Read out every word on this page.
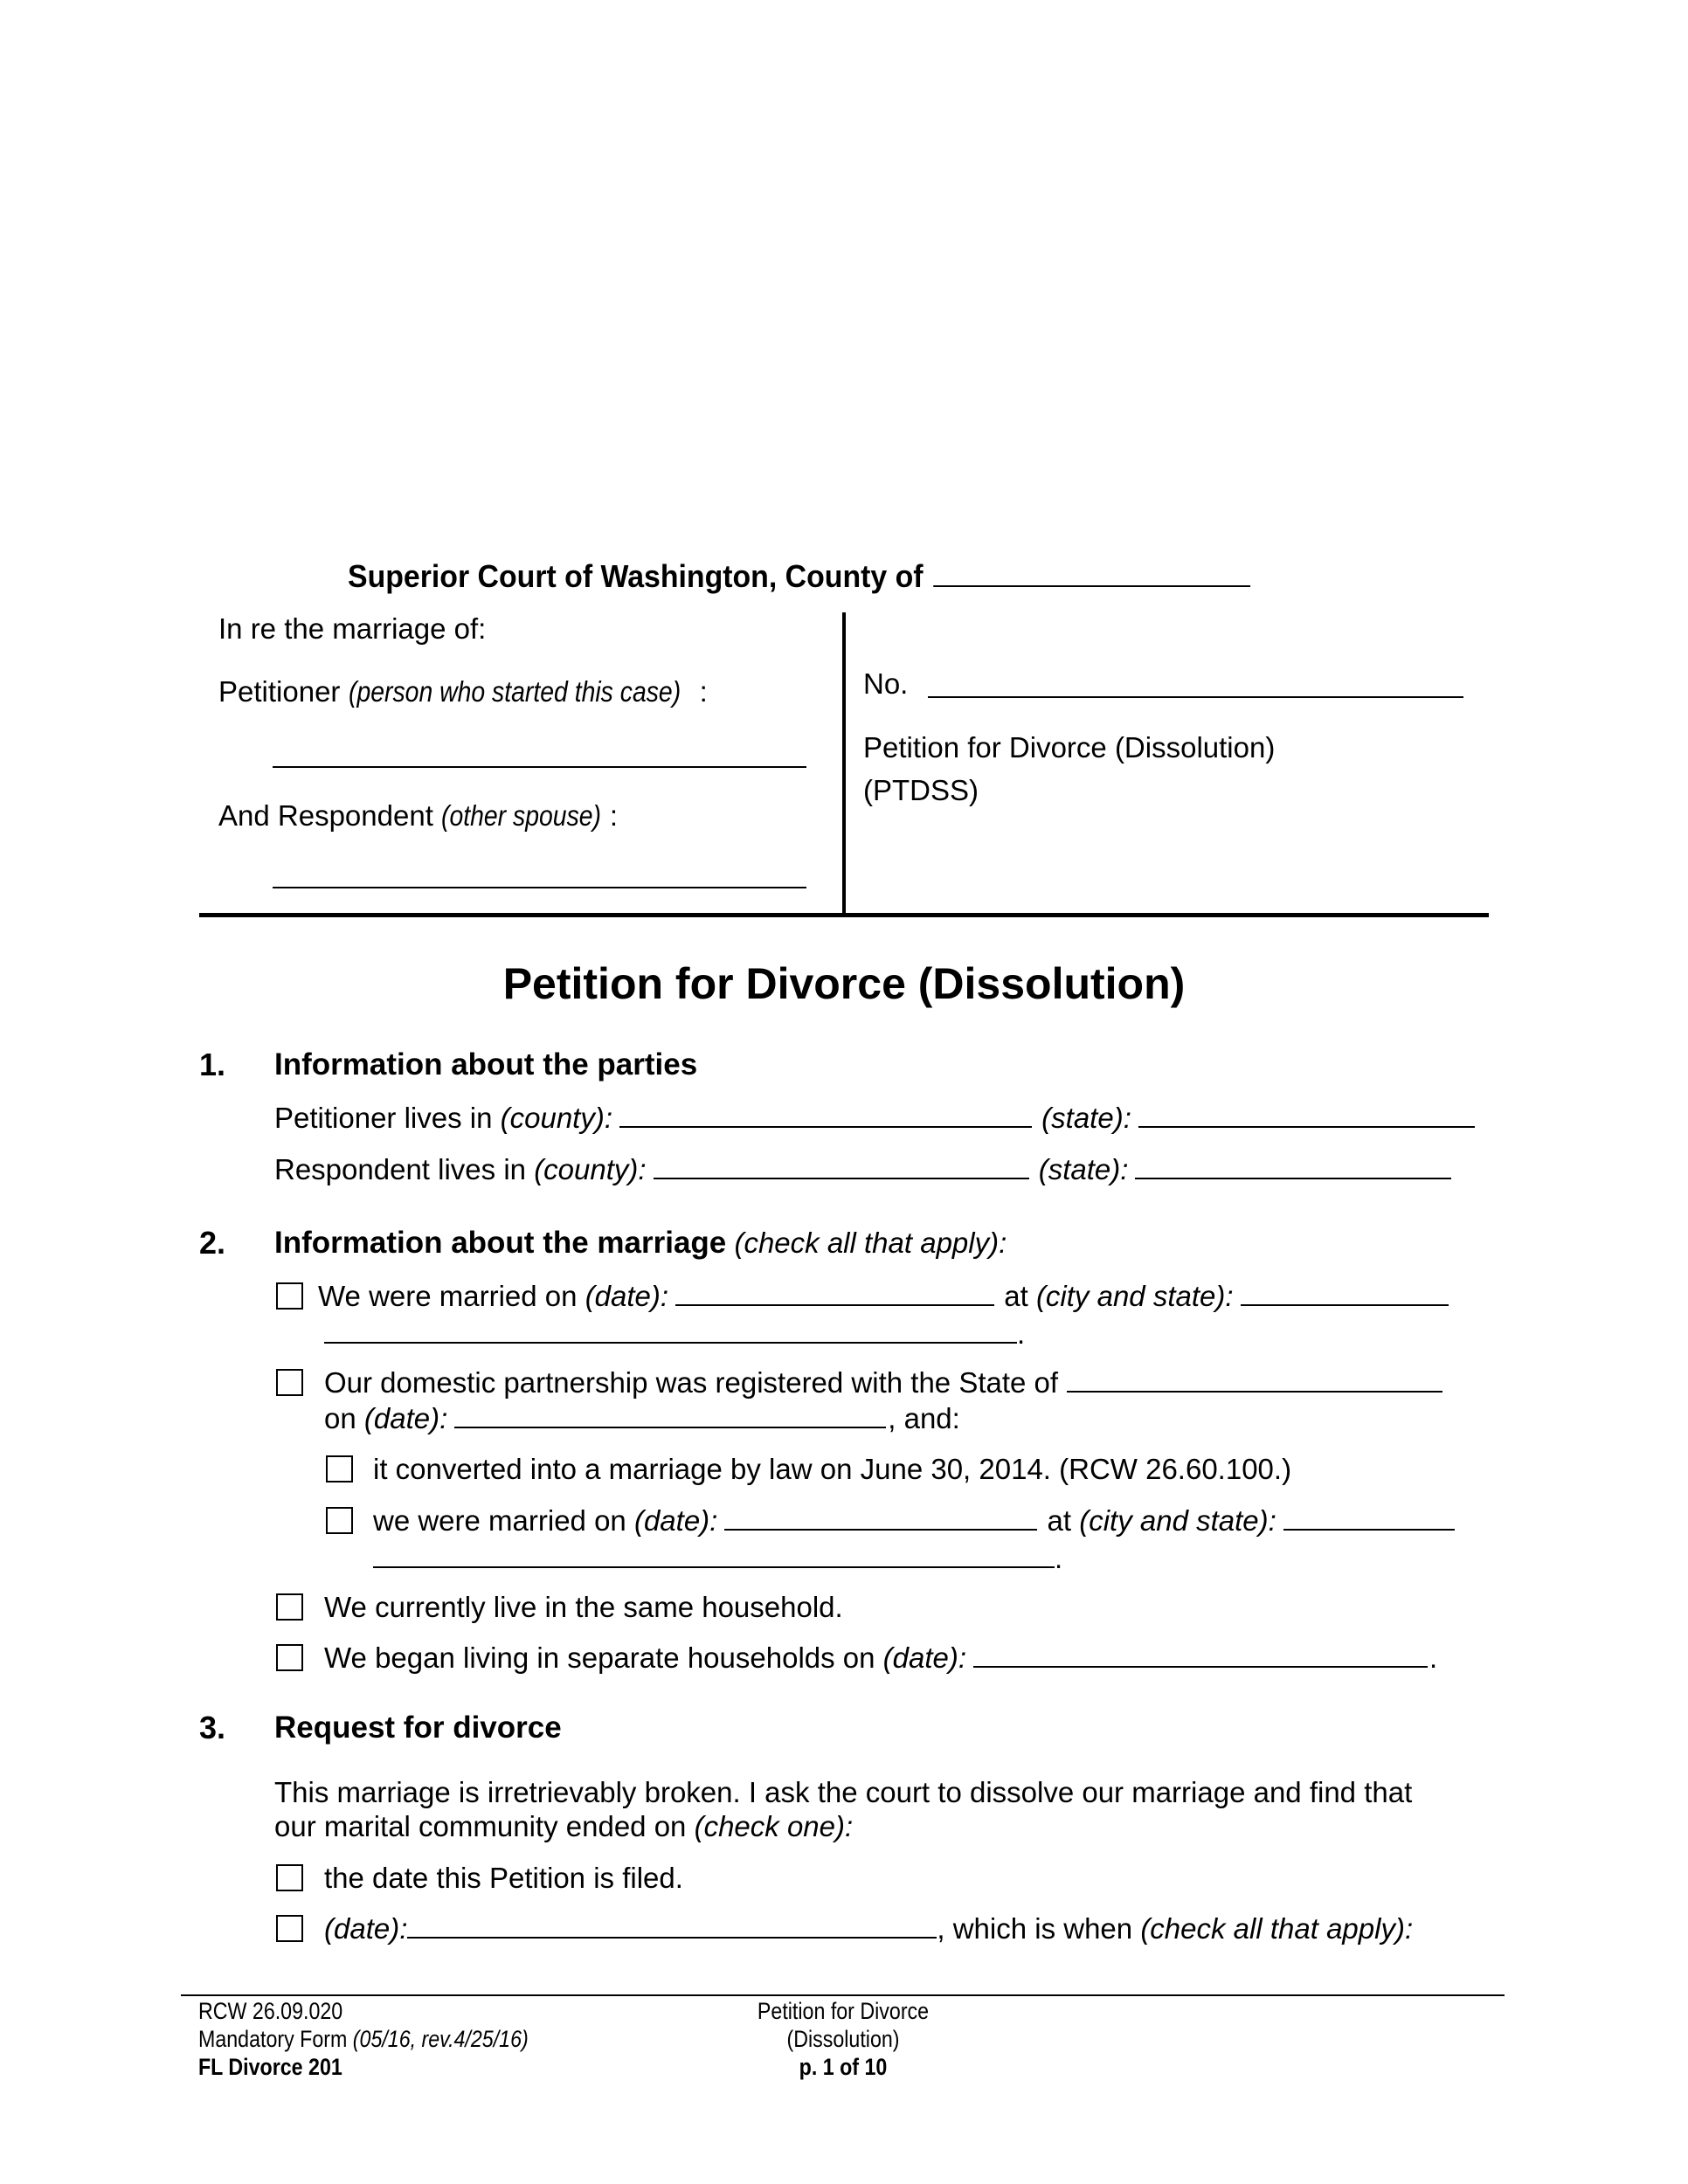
Superior Court of Washington, County of
In re the marriage of:
Petitioner (person who started this case) :
And Respondent (other spouse) :
No.
Petition for Divorce (Dissolution)
(PTDSS)
Petition for Divorce (Dissolution)
1. Information about the parties
Petitioner lives in (county):	(state):
Respondent lives in (county):	(state):
2. Information about the marriage (check all that apply):
We were married on (date):	at (city and state):
.
Our domestic partnership was registered with the State of
on (date):	, and:
it converted into a marriage by law on June 30, 2014. (RCW 26.60.100.)
we were married on (date):	at (city and state):
.
We currently live in the same household.
We began living in separate households on (date):	.
3. Request for divorce
This marriage is irretrievably broken. I ask the court to dissolve our marriage and find that
our marital community ended on (check one):
the date this Petition is filed.
(date):	, which is when (check all that apply):
RCW 26.09.020
Mandatory Form (05/16, rev.4/25/16)
FL Divorce 201
Petition for Divorce
(Dissolution)
p. 1 of 10
